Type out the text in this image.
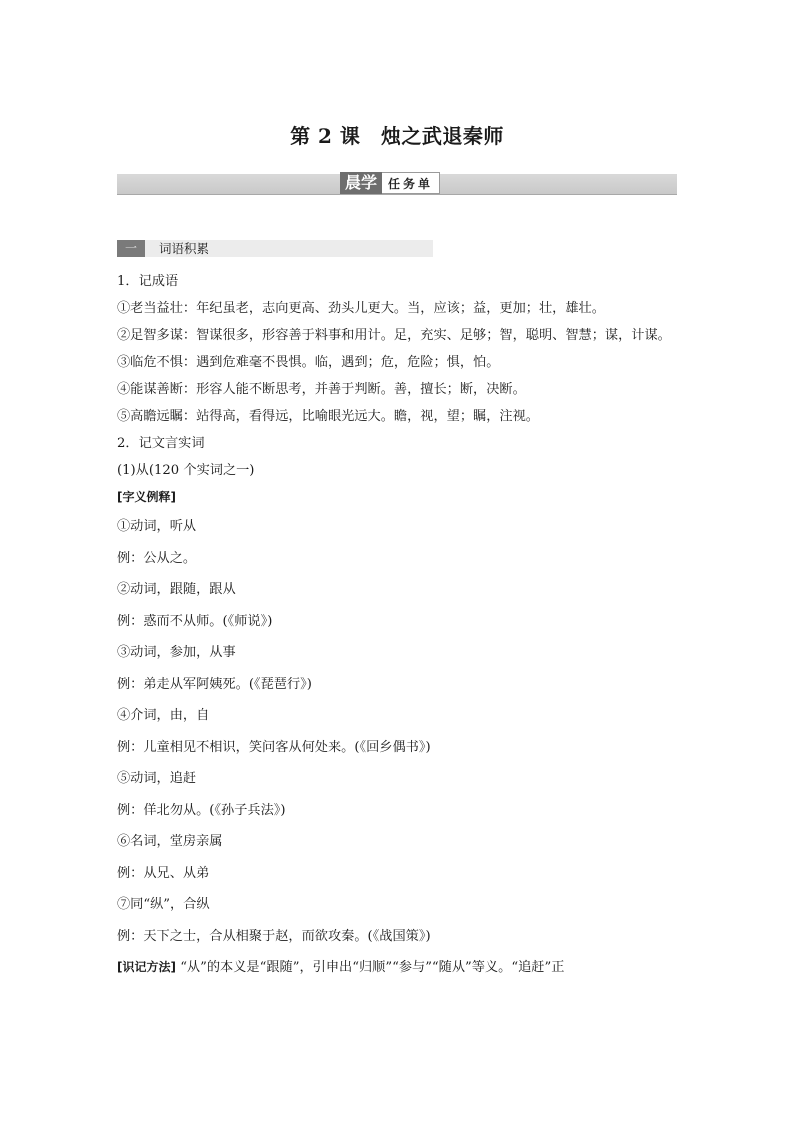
第 2 课　烛之武退秦师
晨学 任务单
一	词语积累
1．记成语
①老当益壮：年纪虽老，志向更高、劲头儿更大。当，应该；益，更加；壮，雄壮。
②足智多谋：智谋很多，形容善于料事和用计。足，充实、足够；智，聪明、智慧；谋，计谋。
③临危不惧：遇到危难毫不畏惧。临，遇到；危，危险；惧，怕。
④能谋善断：形容人能不断思考，并善于判断。善，擅长；断，决断。
⑤高瞻远瞩：站得高，看得远，比喻眼光远大。瞻，视，望；瞩，注视。
2．记文言实词
(1)从(120 个实词之一)
[字义例释]
①动词，听从
例：公从之。
②动词，跟随，跟从
例：惑而不从师。(《师说》)
③动词，参加，从事
例：弟走从军阿姨死。(《琵琶行》)
④介词，由，自
例：儿童相见不相识，笑问客从何处来。(《回乡偶书》)
⑤动词，追赶
例：佯北勿从。(《孙子兵法》)
⑥名词，堂房亲属
例：从兄、从弟
⑦同“纵”，合纵
例：天下之士，合从相聚于赵，而欲攻秦。(《战国策》)
[识记方法] “从”的本义是“跟随”，引申出“归顺”“参与”“随从”等义。“追赶”正
